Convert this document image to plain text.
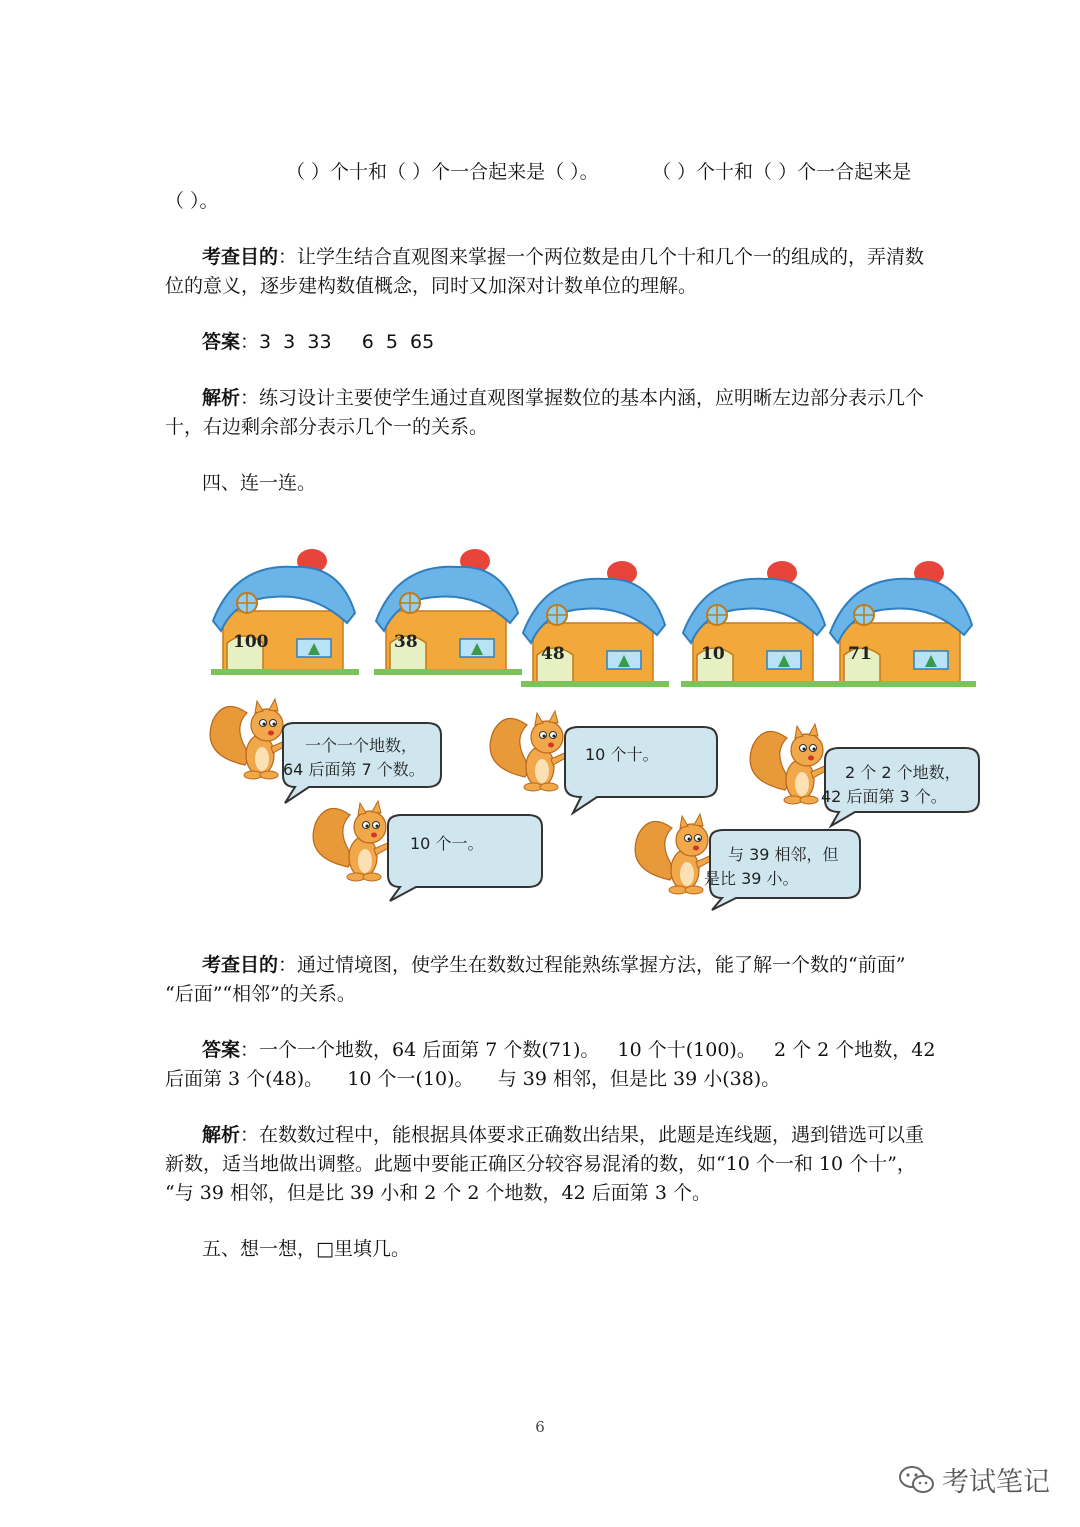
（ ）个十和（ ）个一合起来是（ ）。	（ ）个十和（ ）个一合起来是
（ ）。
考查目的：让学生结合直观图来掌握一个两位数是由几个十和几个一的组成的，弄清数
位的意义，逐步建构数值概念，同时又加深对计数单位的理解。
答案：3  3  33     6  5  65
解析：练习设计主要使学生通过直观图掌握数位的基本内涵，应明晰左边部分表示几个
十，右边剩余部分表示几个一的关系。
四、连一连。
100	38
48	10	71
一个一个地数，
64 后面第 7 个数。
10 个十。
2 个 2 个地数，
42 后面第 3 个。
10 个一。
与 39 相邻，但
是比 39 小。
考查目的：通过情境图，使学生在数数过程能熟练掌握方法，能了解一个数的“前面”
“后面”“相邻”的关系。
答案：一个一个地数，64 后面第 7 个数(71)。   10 个十(100)。   2 个 2 个地数，42
后面第 3 个(48)。    10 个一(10)。    与 39 相邻，但是比 39 小(38)。
解析：在数数过程中，能根据具体要求正确数出结果，此题是连线题，遇到错选可以重
新数，适当地做出调整。此题中要能正确区分较容易混淆的数，如“10 个一和 10 个十”，
“与 39 相邻，但是比 39 小和 2 个 2 个地数，42 后面第 3 个。
五、想一想，□里填几。
6
考试笔记
